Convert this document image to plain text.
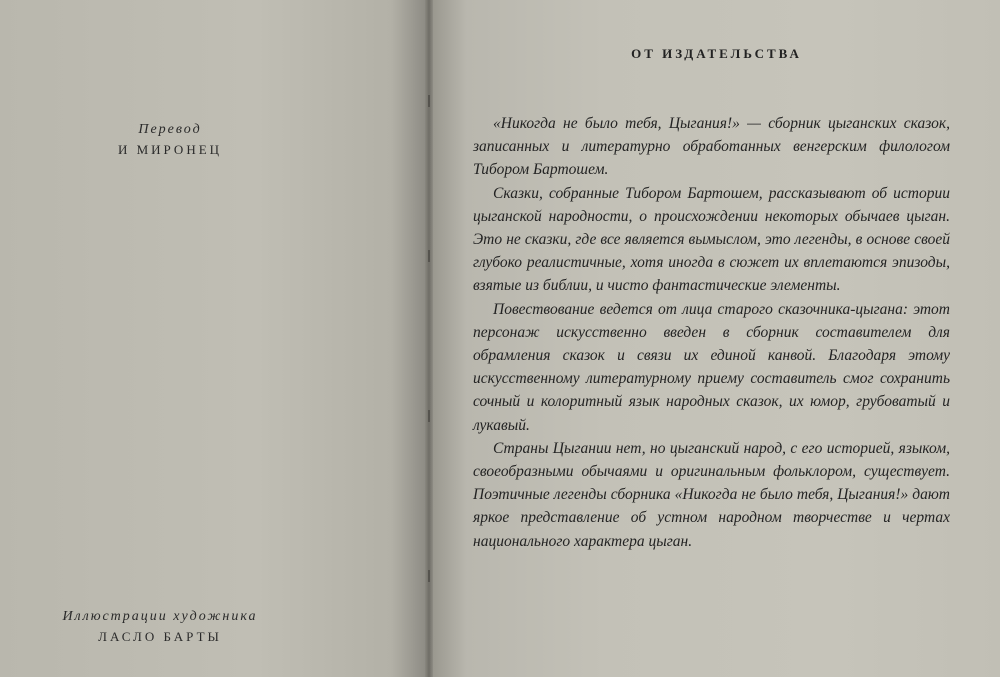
Перевод
И МИРОНЕЦ
Иллюстрации художника
ЛАСЛО БАРТЫ
ОТ ИЗДАТЕЛЬСТВА

«Никогда не было тебя, Цыгания!» — сборник цыганских сказок, записанных и литературно обработанных венгерским филологом Тибором Бартошем.

Сказки, собранные Тибором Бартошем, рассказывают об истории цыганской народности, о происхождении некоторых обычаев цыган. Это не сказки, где все является вымыслом, это легенды, в основе своей глубоко реалистичные, хотя иногда в сюжет их вплетаются эпизоды, взятые из библии, и чисто фантастические элементы.

Повествование ведется от лица старого сказочника-цыгана: этот персонаж искусственно введен в сборник составителем для обрамления сказок и связи их единой канвой. Благодаря этому искусственному литературному приему составитель смог сохранить сочный и колоритный язык народных сказок, их юмор, грубоватый и лукавый.

Страны Цыгании нет, но цыганский народ, с его историей, языком, своеобразными обычаями и оригинальным фольклором, существует. Поэтичные легенды сборника «Никогда не было тебя, Цыгания!» дают яркое представление об устном народном творчестве и чертах национального характера цыган.
